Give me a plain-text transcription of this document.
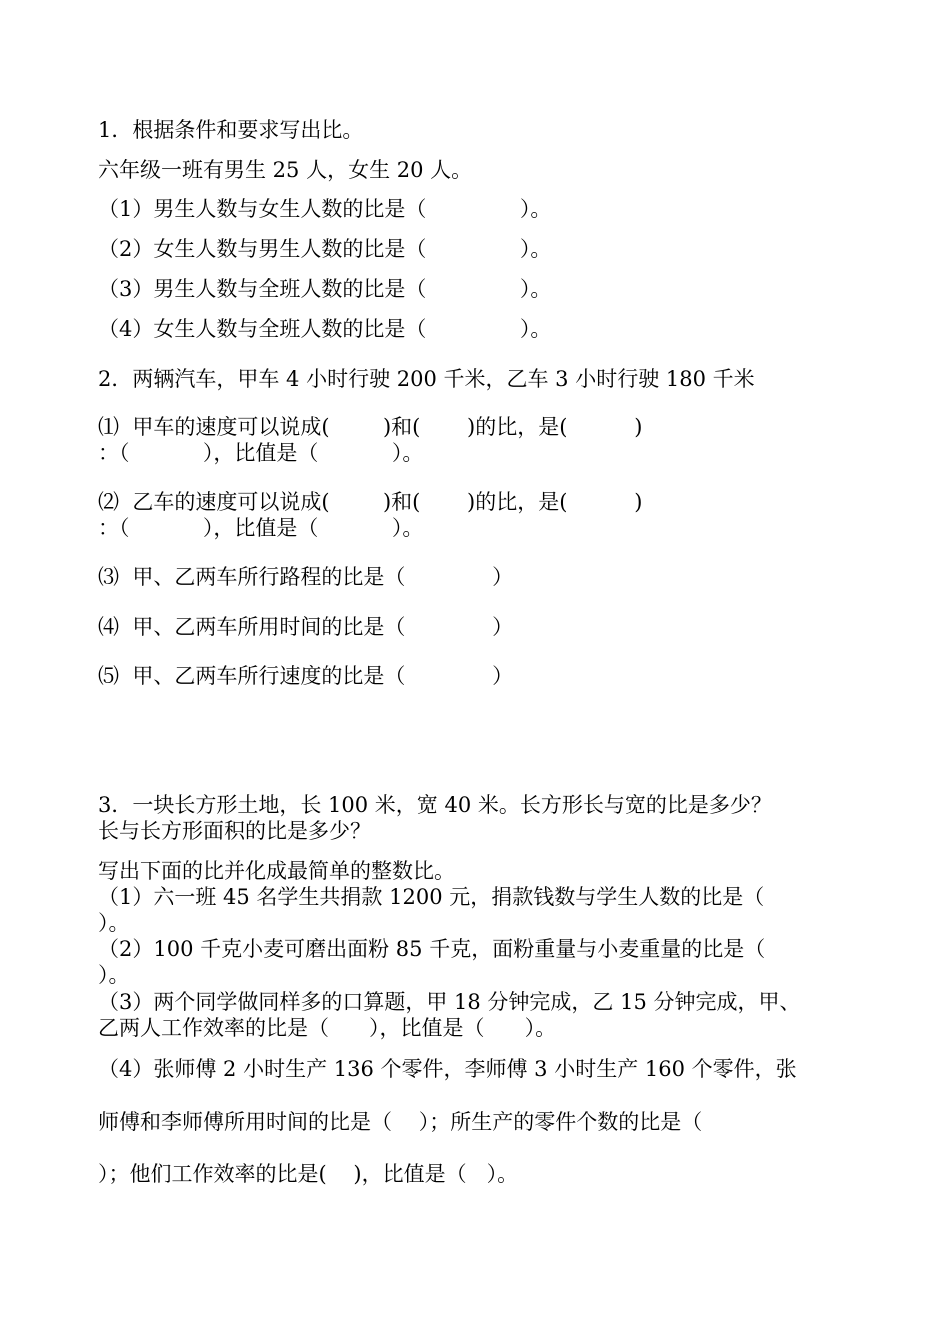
1．根据条件和要求写出比。

六年级一班有男生 25 人，女生 20 人。

（1）男生人数与女生人数的比是（              ）。

（2）女生人数与男生人数的比是（              ）。

（3）男生人数与全班人数的比是（              ）。

（4）女生人数与全班人数的比是（              ）。

2．两辆汽车，甲车 4 小时行驶 200 千米，乙车 3 小时行驶 180 千米

⑴  甲车的速度可以说成(        )和(       )的比，是(          )

：（           ），比值是（           ）。

⑵  乙车的速度可以说成(        )和(       )的比，是(          )

：（           ），比值是（           ）。

⑶  甲、乙两车所行路程的比是（             ）

⑷  甲、乙两车所用时间的比是（             ）

⑸  甲、乙两车所行速度的比是（             ）

3．一块长方形土地，长 100 米，宽 40 米。长方形长与宽的比是多少？

长与长方形面积的比是多少？

写出下面的比并化成最简单的整数比。

（1）六一班 45 名学生共捐款 1200 元，捐款钱数与学生人数的比是（

）。

（2）100 千克小麦可磨出面粉 85 千克，面粉重量与小麦重量的比是（

）。

（3）两个同学做同样多的口算题，甲 18 分钟完成，乙 15 分钟完成，甲、

乙两人工作效率的比是（      ），比值是（      ）。

（4）张师傅 2 小时生产 136 个零件，李师傅 3 小时生产 160 个零件，张

师傅和李师傅所用时间的比是（    ）；所生产的零件个数的比是（

）；他们工作效率的比是(    )，比值是（   ）。
